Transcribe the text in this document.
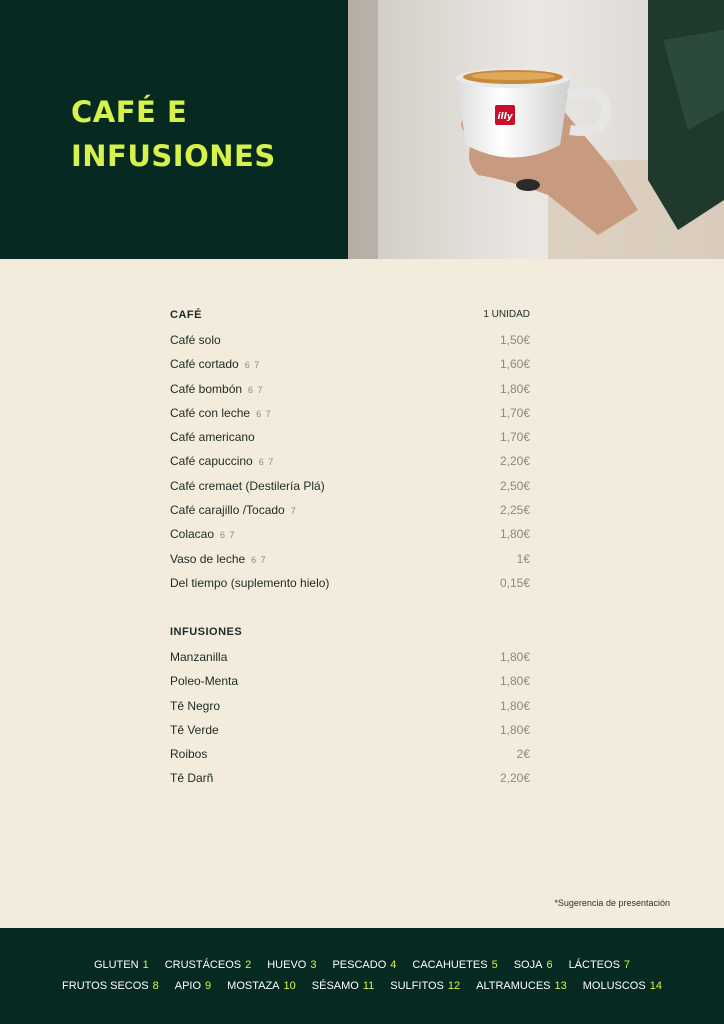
CAFÉ E
INFUSIONES
illy
CAFÉ	1 UNIDAD
Café solo	1,50€
Café cortado 6 7	1,60€
Café bombón 6 7	1,80€
Café con leche 6 7	1,70€
Café americano	1,70€
Café capuccino 6 7	2,20€
Café cremaet (Destilería Plá)	2,50€
Café carajillo /Tocado 7	2,25€
Colacao 6 7	1,80€
Vaso de leche 6 7	1€
Del tiempo (suplemento hielo)	0,15€
INFUSIONES
Manzanilla	1,80€
Poleo-Menta	1,80€
Tê Negro	1,80€
Tê Verde	1,80€
Roibos	2€
Tê Darñ	2,20€
*Sugerencia de presentación
GLUTEN 1 CRUSTÁCEOS 2 HUEVO 3 PESCADO 4 CACAHUETES 5 SOJA 6 LÁCTEOS 7
FRUTOS SECOS 8 APIO 9 MOSTAZA 10 SÉSAMO 11 SULFITOS 12 ALTRAMUCES 13 MOLUSCOS 14
